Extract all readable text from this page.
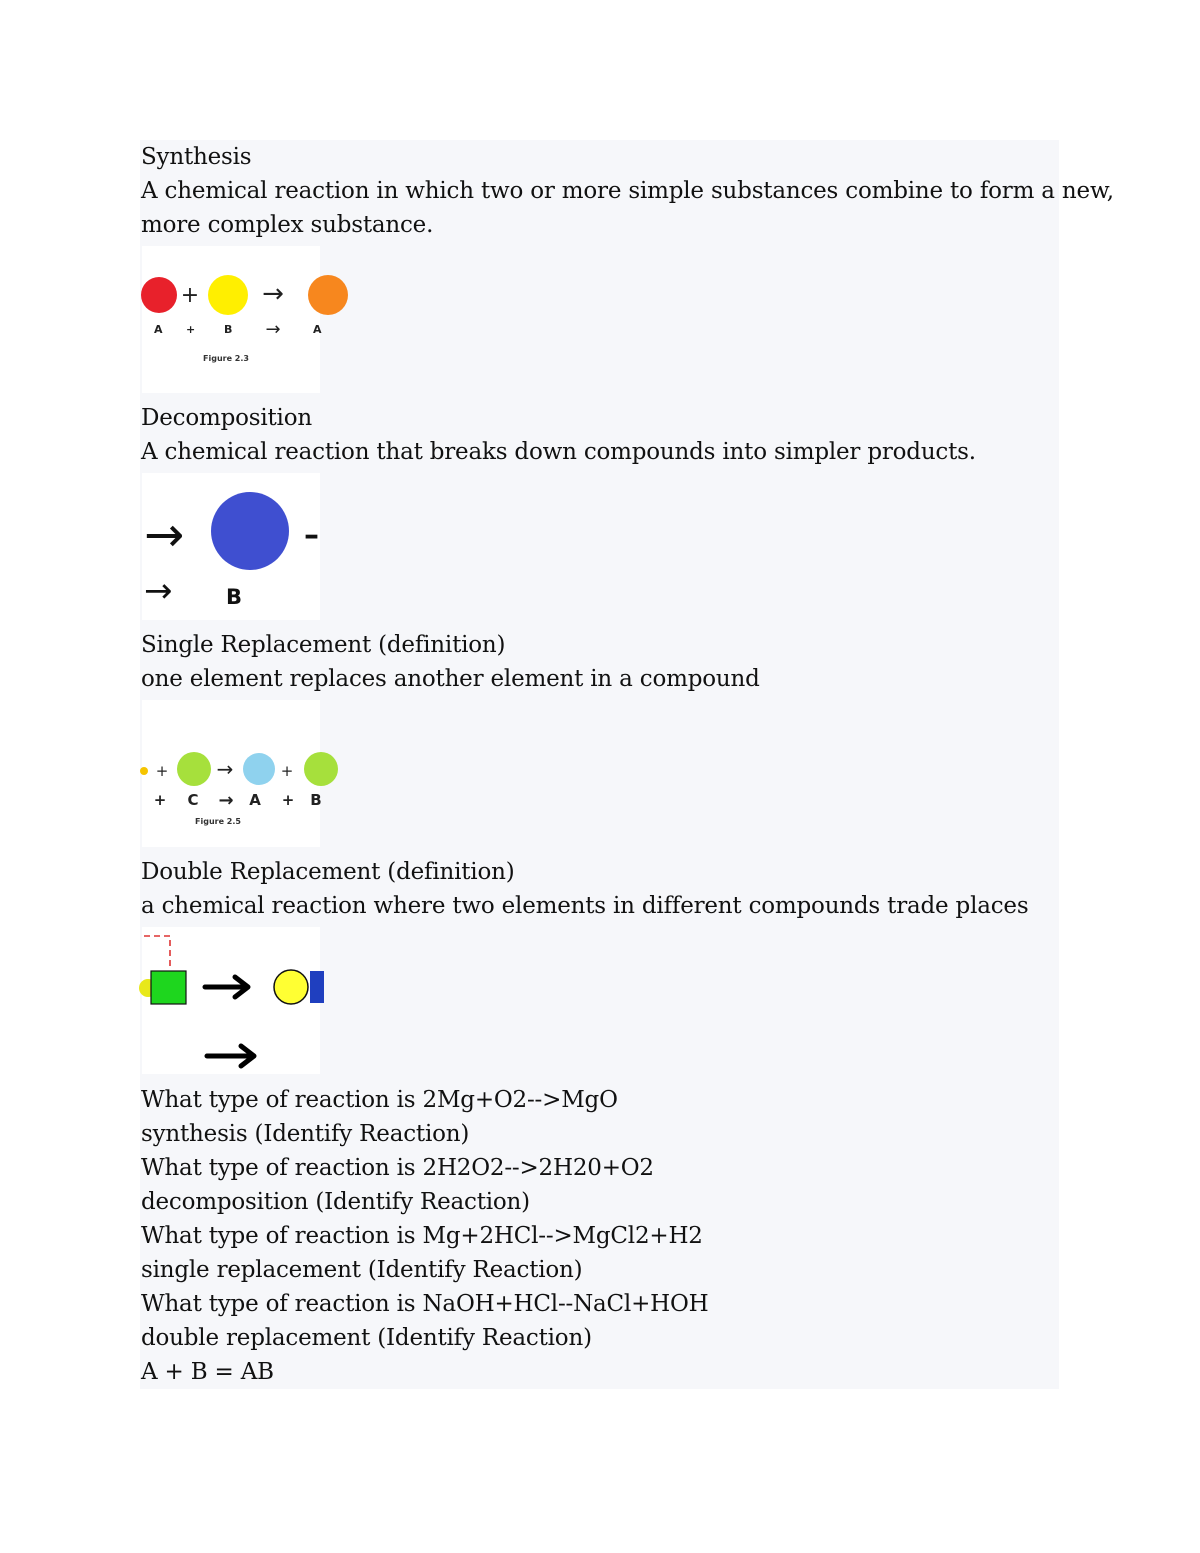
Synthesis
A chemical reaction in which two or more simple substances combine to form a new,
more complex substance.
+ →
A +	B →	A
Figure 2.3
Decomposition
A chemical reaction that breaks down compounds into simpler products.
→	–
→	B
Single Replacement (definition)
one element replaces another element in a compound
+ →	+
+ C → A + B
Figure 2.5
Double Replacement (definition)
a chemical reaction where two elements in different compounds trade places
What type of reaction is 2Mg+O2-->MgO
synthesis (Identify Reaction)
What type of reaction is 2H2O2-->2H20+O2
decomposition (Identify Reaction)
What type of reaction is Mg+2HCl-->MgCl2+H2
single replacement (Identify Reaction)
What type of reaction is NaOH+HCl--NaCl+HOH
double replacement (Identify Reaction)
A + B = AB
